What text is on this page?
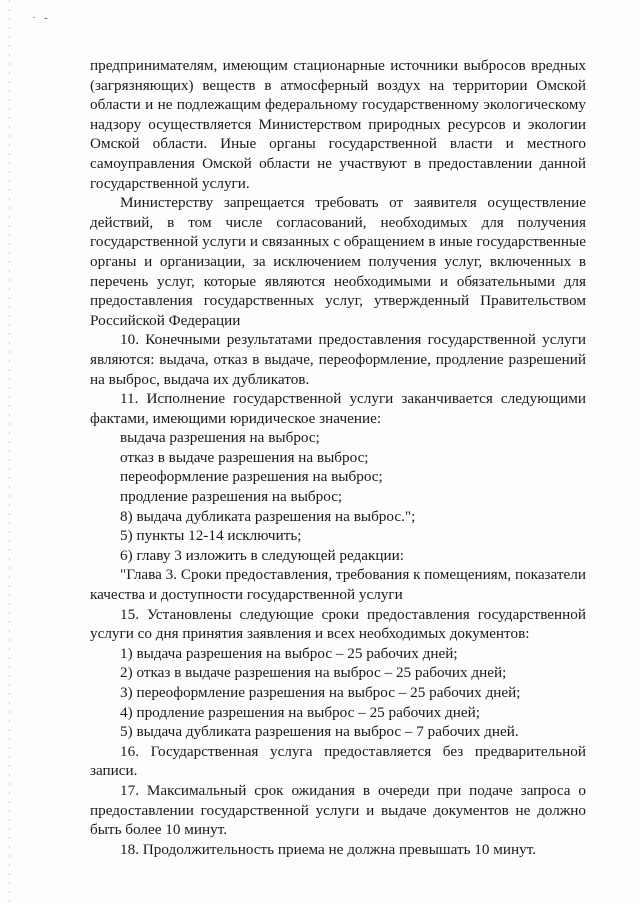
· -

предпринимателям, имеющим стационарные источники выбросов вредных (загрязняющих) веществ в атмосферный воздух на территории Омской области и не подлежащим федеральному государственному экологическому надзору осуществляется Министерством природных ресурсов и экологии Омской области. Иные органы государственной власти и местного самоуправления Омской области не участвуют в предоставлении данной государственной услуги.

Министерству запрещается требовать от заявителя осуществление действий, в том числе согласований, необходимых для получения государственной услуги и связанных с обращением в иные государственные органы и организации, за исключением получения услуг, включенных в перечень услуг, которые являются необходимыми и обязательными для предоставления государственных услуг, утвержденный Правительством Российской Федерации

10. Конечными результатами предоставления государственной услуги являются: выдача, отказ в выдаче, переоформление, продление разрешений на выброс, выдача их дубликатов.

11. Исполнение государственной услуги заканчивается следующими фактами, имеющими юридическое значение:

выдача разрешения на выброс;

отказ в выдаче разрешения на выброс;

переоформление разрешения на выброс;

продление разрешения на выброс;

8) выдача дубликата разрешения на выброс.";

5) пункты 12-14 исключить;

6) главу 3 изложить в следующей редакции:

"Глава 3. Сроки предоставления, требования к помещениям, показатели качества и доступности государственной услуги

15. Установлены следующие сроки предоставления государственной услуги со дня принятия заявления и всех необходимых документов:

1) выдача разрешения на выброс – 25 рабочих дней;

2) отказ в выдаче разрешения на выброс – 25 рабочих дней;

3) переоформление разрешения на выброс – 25 рабочих дней;

4) продление разрешения на выброс – 25 рабочих дней;

5) выдача дубликата разрешения на выброс – 7 рабочих дней.

16. Государственная услуга предоставляется без предварительной записи.

17. Максимальный срок ожидания в очереди при подаче запроса о предоставлении государственной услуги и выдаче документов не должно быть более 10 минут.

18. Продолжительность приема не должна превышать 10 минут.
